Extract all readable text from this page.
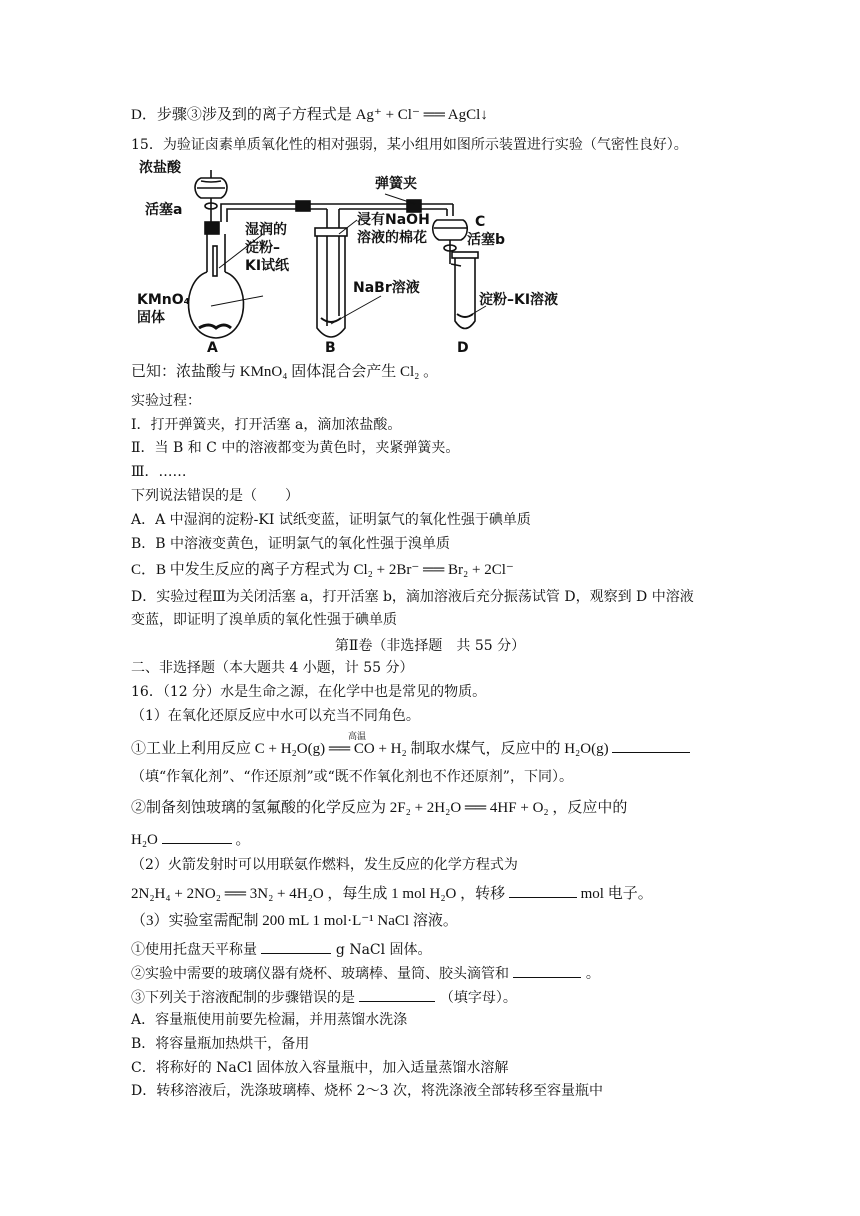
D．步骤③涉及到的离子方程式是 Ag⁺ + Cl⁻ ══ AgCl↓
15．为验证卤素单质氧化性的相对强弱，某小组用如图所示装置进行实验（气密性良好）。
浓盐酸
活塞a
湿润的
淀粉–
KI试纸
KMnO₄
固体
弹簧夹
浸有NaOH
溶液的棉花
C
活塞b
NaBr溶液
淀粉–KI溶液
A	B	D
已知：浓盐酸与 KMnO₄ 固体混合会产生 Cl₂ 。
实验过程：
Ⅰ．打开弹簧夹，打开活塞 a，滴加浓盐酸。
Ⅱ．当 B 和 C 中的溶液都变为黄色时，夹紧弹簧夹。
Ⅲ．……
下列说法错误的是（　　）
A．A 中湿润的淀粉-KI 试纸变蓝，证明氯气的氧化性强于碘单质
B．B 中溶液变黄色，证明氯气的氧化性强于溴单质
C．B 中发生反应的离子方程式为 Cl₂ + 2Br⁻ ══ Br₂ + 2Cl⁻
D．实验过程Ⅲ为关闭活塞 a，打开活塞 b，滴加溶液后充分振荡试管 D，观察到 D 中溶液
变蓝，即证明了溴单质的氧化性强于碘单质
第Ⅱ卷（非选择题　共 55 分）
二、非选择题（本大题共 4 小题，计 55 分）
16．（12 分）水是生命之源，在化学中也是常见的物质。
（1）在氧化还原反应中水可以充当不同角色。
①工业上利用反应 C + H₂O(g) ══ CO + H₂ 制取水煤气，反应中的 H₂O(g)
高温
（填“作氧化剂”、“作还原剂”或“既不作氧化剂也不作还原剂”，下同）。
②制备刻蚀玻璃的氢氟酸的化学反应为 2F₂ + 2H₂O ══ 4HF + O₂ ，反应中的
H₂O	。
（2）火箭发射时可以用联氨作燃料，发生反应的化学方程式为
2N₂H₄ + 2NO₂ ══ 3N₂ + 4H₂O ，每生成 1 mol H₂O ，转移	mol 电子。
（3）实验室需配制 200 mL 1 mol·L⁻¹ NaCl 溶液。
①使用托盘天平称量	g NaCl 固体。
②实验中需要的玻璃仪器有烧杯、玻璃棒、量筒、胶头滴管和	。
③下列关于溶液配制的步骤错误的是	（填字母）。
A．容量瓶使用前要先检漏，并用蒸馏水洗涤
B．将容量瓶加热烘干，备用
C．将称好的 NaCl 固体放入容量瓶中，加入适量蒸馏水溶解
D．转移溶液后，洗涤玻璃棒、烧杯 2～3 次，将洗涤液全部转移至容量瓶中
